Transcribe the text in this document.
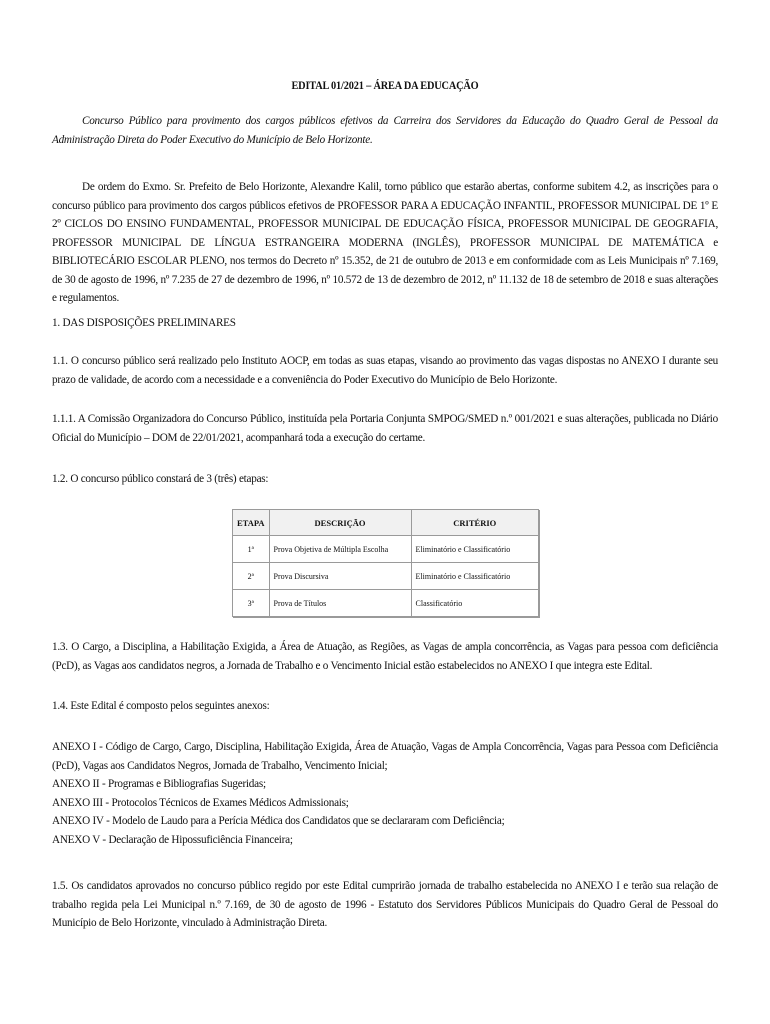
EDITAL 01/2021 – ÁREA DA EDUCAÇÃO
Concurso Público para provimento dos cargos públicos efetivos da Carreira dos Servidores da Educação do Quadro Geral de Pessoal da Administração Direta do Poder Executivo do Município de Belo Horizonte.
De ordem do Exmo. Sr. Prefeito de Belo Horizonte, Alexandre Kalil, torno público que estarão abertas, conforme subitem 4.2, as inscrições para o concurso público para provimento dos cargos públicos efetivos de PROFESSOR PARA A EDUCAÇÃO INFANTIL, PROFESSOR MUNICIPAL DE 1º E 2º CICLOS DO ENSINO FUNDAMENTAL, PROFESSOR MUNICIPAL DE EDUCAÇÃO FÍSICA, PROFESSOR MUNICIPAL DE GEOGRAFIA, PROFESSOR MUNICIPAL DE LÍNGUA ESTRANGEIRA MODERNA (INGLÊS), PROFESSOR MUNICIPAL DE MATEMÁTICA e BIBLIOTECÁRIO ESCOLAR PLENO, nos termos do Decreto nº 15.352, de 21 de outubro de 2013 e em conformidade com as Leis Municipais nº 7.169, de 30 de agosto de 1996, nº 7.235 de 27 de dezembro de 1996, nº 10.572 de 13 de dezembro de 2012, nº 11.132 de 18 de setembro de 2018 e suas alterações e regulamentos.
1. DAS DISPOSIÇÕES PRELIMINARES
1.1. O concurso público será realizado pelo Instituto AOCP, em todas as suas etapas, visando ao provimento das vagas dispostas no ANEXO I durante seu prazo de validade, de acordo com a necessidade e a conveniência do Poder Executivo do Município de Belo Horizonte.
1.1.1. A Comissão Organizadora do Concurso Público, instituída pela Portaria Conjunta SMPOG/SMED n.º 001/2021 e suas alterações, publicada no Diário Oficial do Município – DOM de 22/01/2021, acompanhará toda a execução do certame.
1.2. O concurso público constará de 3 (três) etapas:
ETAPA	DESCRIÇÃO	CRITÉRIO
1ª	Prova Objetiva de Múltipla Escolha	Eliminatório e Classificatório
2ª	Prova Discursiva	Eliminatório e Classificatório
3ª	Prova de Títulos	Classificatório
1.3. O Cargo, a Disciplina, a Habilitação Exigida, a Área de Atuação, as Regiões, as Vagas de ampla concorrência, as Vagas para pessoa com deficiência (PcD), as Vagas aos candidatos negros, a Jornada de Trabalho e o Vencimento Inicial estão estabelecidos no ANEXO I que integra este Edital.
1.4. Este Edital é composto pelos seguintes anexos:
ANEXO I - Código de Cargo, Cargo, Disciplina, Habilitação Exigida, Área de Atuação, Vagas de Ampla Concorrência, Vagas para Pessoa com Deficiência (PcD), Vagas aos Candidatos Negros, Jornada de Trabalho, Vencimento Inicial;
ANEXO II - Programas e Bibliografias Sugeridas;
ANEXO III - Protocolos Técnicos de Exames Médicos Admissionais;
ANEXO IV - Modelo de Laudo para a Perícia Médica dos Candidatos que se declararam com Deficiência;
ANEXO V - Declaração de Hipossuficiência Financeira;
1.5. Os candidatos aprovados no concurso público regido por este Edital cumprirão jornada de trabalho estabelecida no ANEXO I e terão sua relação de trabalho regida pela Lei Municipal n.º 7.169, de 30 de agosto de 1996 - Estatuto dos Servidores Públicos Municipais do Quadro Geral de Pessoal do Município de Belo Horizonte, vinculado à Administração Direta.
